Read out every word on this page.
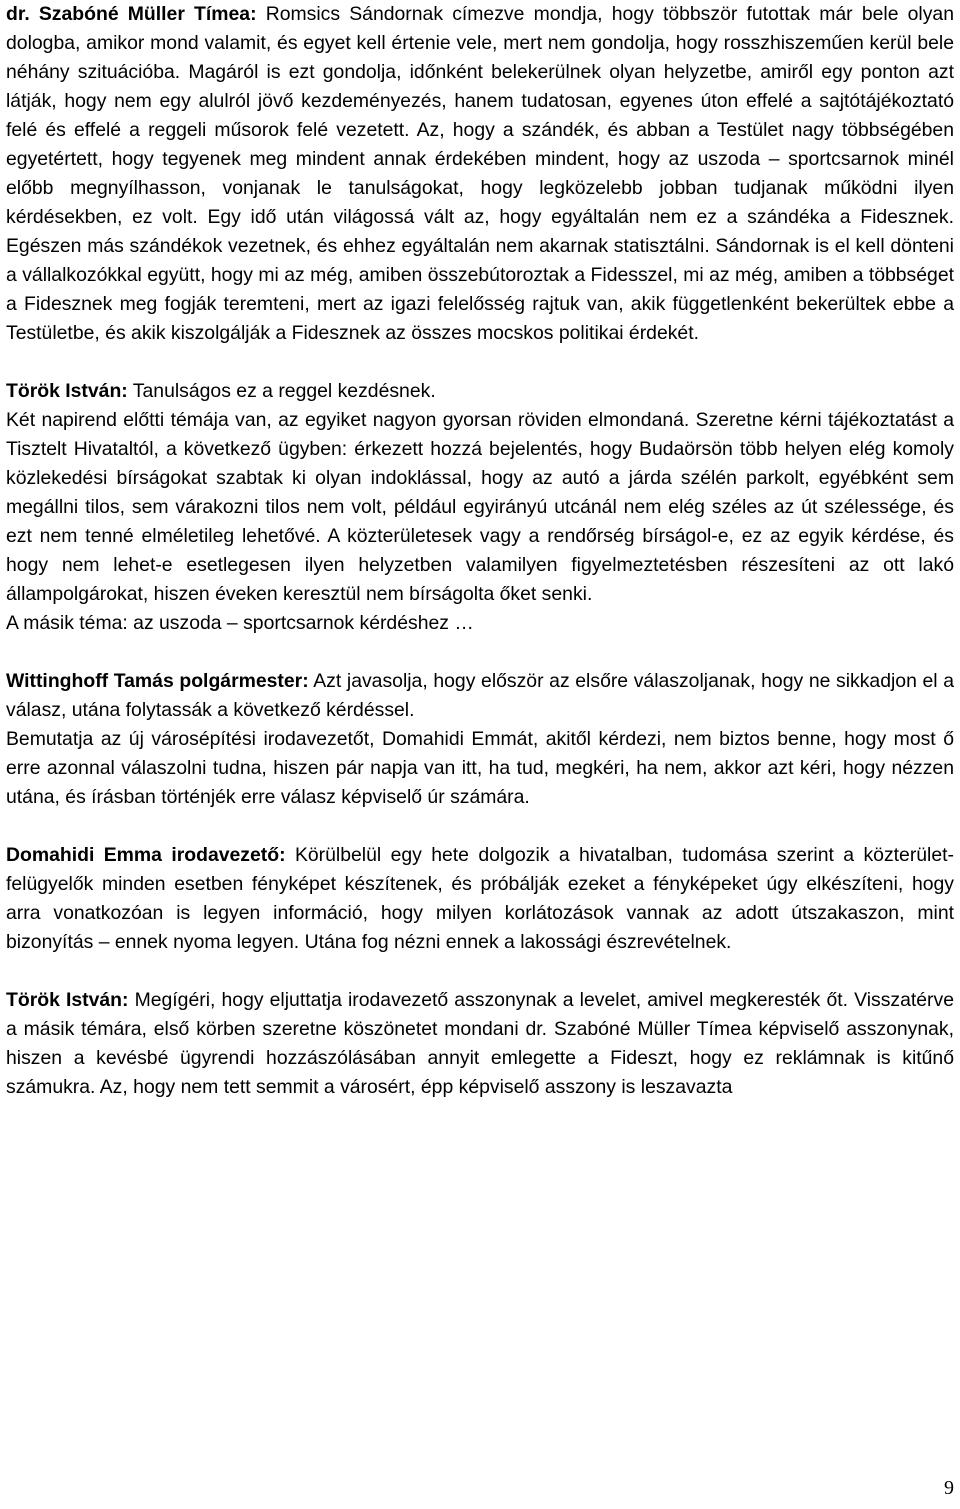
dr. Szabóné Müller Tímea: Romsics Sándornak címezve mondja, hogy többször futottak már bele olyan dologba, amikor mond valamit, és egyet kell értenie vele, mert nem gondolja, hogy rosszhiszeműen kerül bele néhány szituációba. Magáról is ezt gondolja, időnként belekerülnek olyan helyzetbe, amiről egy ponton azt látják, hogy nem egy alulról jövő kezdeményezés, hanem tudatosan, egyenes úton effelé a sajtótájékoztató felé és effelé a reggeli műsorok felé vezetett. Az, hogy a szándék, és abban a Testület nagy többségében egyetértett, hogy tegyenek meg mindent annak érdekében mindent, hogy az uszoda – sportcsarnok minél előbb megnyílhasson, vonjanak le tanulságokat, hogy legközelebb jobban tudjanak működni ilyen kérdésekben, ez volt. Egy idő után világossá vált az, hogy egyáltalán nem ez a szándéka a Fidesznek. Egészen más szándékok vezetnek, és ehhez egyáltalán nem akarnak statisztálni. Sándornak is el kell dönteni a vállalkozókkal együtt, hogy mi az még, amiben összebútoroztak a Fidesszel, mi az még, amiben a többséget a Fidesznek meg fogják teremteni, mert az igazi felelősség rajtuk van, akik függetlenként bekerültek ebbe a Testületbe, és akik kiszolgálják a Fidesznek az összes mocskos politikai érdekét.

Török István: Tanulságos ez a reggel kezdésnek.

Két napirend előtti témája van, az egyiket nagyon gyorsan röviden elmondaná. Szeretne kérni tájékoztatást a Tisztelt Hivataltól, a következő ügyben: érkezett hozzá bejelentés, hogy Budaörsön több helyen elég komoly közlekedési bírságokat szabtak ki olyan indoklással, hogy az autó a járda szélén parkolt, egyébként sem megállni tilos, sem várakozni tilos nem volt, például egyirányú utcánál nem elég széles az út szélessége, és ezt nem tenné elméletileg lehetővé. A közterületesek vagy a rendőrség bírságol-e, ez az egyik kérdése, és hogy nem lehet-e esetlegesen ilyen helyzetben valamilyen figyelmeztetésben részesíteni az ott lakó állampolgárokat, hiszen éveken keresztül nem bírságolta őket senki.

A másik téma: az uszoda – sportcsarnok kérdéshez …

Wittinghoff Tamás polgármester: Azt javasolja, hogy először az elsőre válaszoljanak, hogy ne sikkadjon el a válasz, utána folytassák a következő kérdéssel.

Bemutatja az új városépítési irodavezetőt, Domahidi Emmát, akitől kérdezi, nem biztos benne, hogy most ő erre azonnal válaszolni tudna, hiszen pár napja van itt, ha tud, megkéri, ha nem, akkor azt kéri, hogy nézzen utána, és írásban történjék erre válasz képviselő úr számára.

Domahidi Emma irodavezető: Körülbelül egy hete dolgozik a hivatalban, tudomása szerint a közterület-felügyelők minden esetben fényképet készítenek, és próbálják ezeket a fényképeket úgy elkészíteni, hogy arra vonatkozóan is legyen információ, hogy milyen korlátozások vannak az adott útszakaszon, mint bizonyítás – ennek nyoma legyen. Utána fog nézni ennek a lakossági észrevételnek.

Török István: Megígéri, hogy eljuttatja irodavezető asszonynak a levelet, amivel megkeresték őt. Visszatérve a másik témára, első körben szeretne köszönetet mondani dr. Szabóné Müller Tímea képviselő asszonynak, hiszen a kevésbé ügyrendi hozzászólásában annyit emlegette a Fideszt, hogy ez reklámnak is kitűnő számukra. Az, hogy nem tett semmit a városért, épp képviselő asszony is leszavazta

9
